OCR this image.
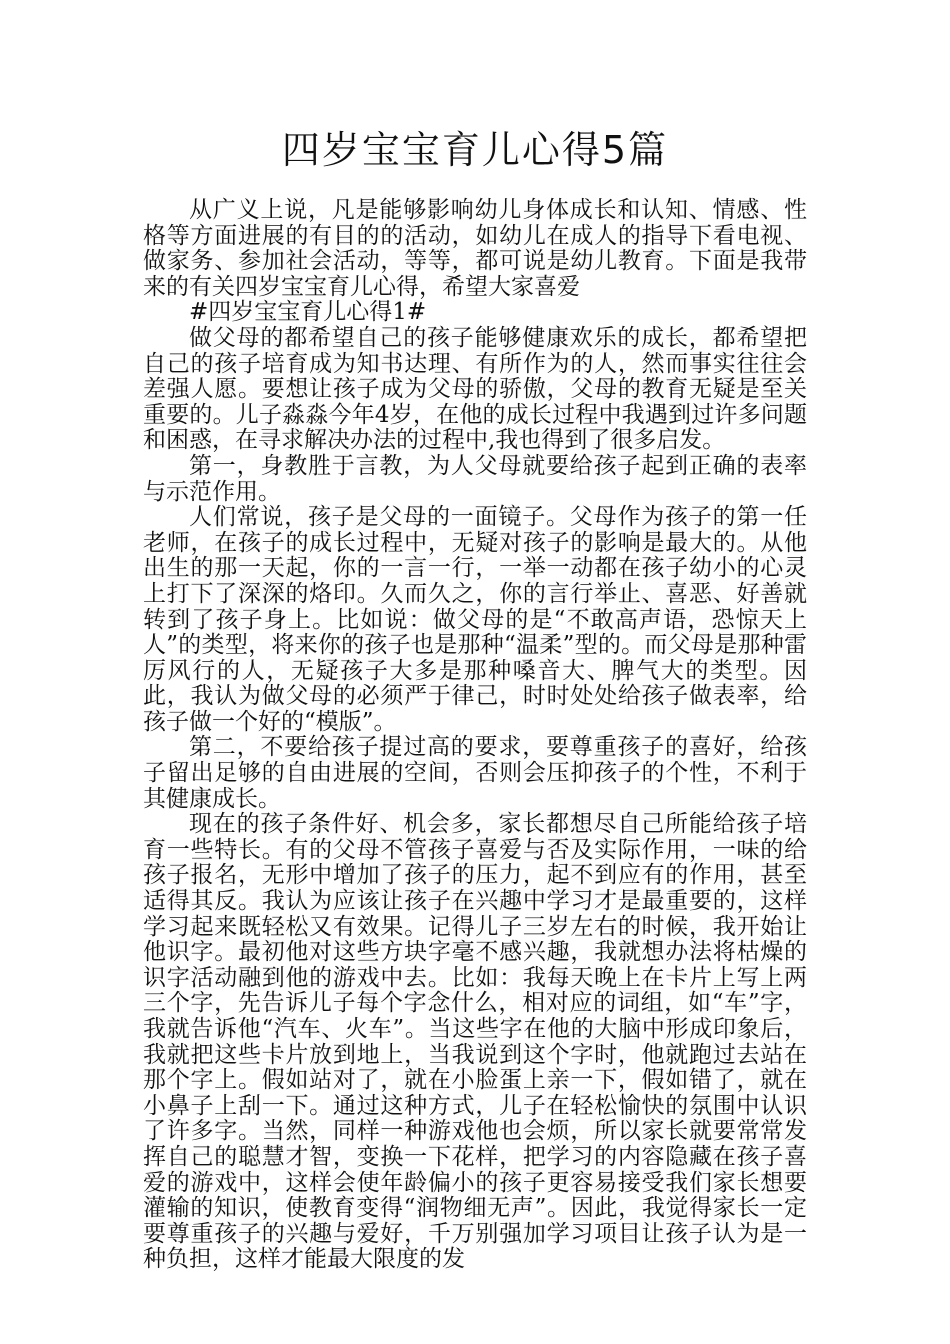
四岁宝宝育儿心得5篇

从广义上说，凡是能够影响幼儿身体成长和认知、情感、性格等方面进展的有目的的活动，如幼儿在成人的指导下看电视、做家务、参加社会活动，等等，都可说是幼儿教育。下面是我带来的有关四岁宝宝育儿心得，希望大家喜爱

#四岁宝宝育儿心得1#

做父母的都希望自己的孩子能够健康欢乐的成长，都希望把自己的孩子培育成为知书达理、有所作为的人，然而事实往往会差强人愿。要想让孩子成为父母的骄傲，父母的教育无疑是至关重要的。儿子淼淼今年4岁，在他的成长过程中我遇到过许多问题和困惑，在寻求解决办法的过程中,我也得到了很多启发。

第一，身教胜于言教，为人父母就要给孩子起到正确的表率与示范作用。

人们常说，孩子是父母的一面镜子。父母作为孩子的第一任老师，在孩子的成长过程中，无疑对孩子的影响是最大的。从他出生的那一天起，你的一言一行，一举一动都在孩子幼小的心灵上打下了深深的烙印。久而久之，你的言行举止、喜恶、好善就转到了孩子身上。比如说：做父母的是“不敢高声语，恐惊天上人”的类型，将来你的孩子也是那种“温柔”型的。而父母是那种雷厉风行的人，无疑孩子大多是那种嗓音大、脾气大的类型。因此，我认为做父母的必须严于律己，时时处处给孩子做表率，给孩子做一个好的“模版”。

第二，不要给孩子提过高的要求，要尊重孩子的喜好，给孩子留出足够的自由进展的空间，否则会压抑孩子的个性，不利于其健康成长。

现在的孩子条件好、机会多，家长都想尽自己所能给孩子培育一些特长。有的父母不管孩子喜爱与否及实际作用，一味的给孩子报名，无形中增加了孩子的压力，起不到应有的作用，甚至适得其反。我认为应该让孩子在兴趣中学习才是最重要的，这样学习起来既轻松又有效果。记得儿子三岁左右的时候，我开始让他识字。最初他对这些方块字毫不感兴趣，我就想办法将枯燥的识字活动融到他的游戏中去。比如：我每天晚上在卡片上写上两三个字，先告诉儿子每个字念什么，相对应的词组，如“车”字，我就告诉他“汽车、火车”。当这些字在他的大脑中形成印象后，我就把这些卡片放到地上，当我说到这个字时，他就跑过去站在那个字上。假如站对了，就在小脸蛋上亲一下，假如错了，就在小鼻子上刮一下。通过这种方式，儿子在轻松愉快的氛围中认识了许多字。当然，同样一种游戏他也会烦，所以家长就要常常发挥自己的聪慧才智，变换一下花样，把学习的内容隐藏在孩子喜爱的游戏中，这样会使年龄偏小的孩子更容易接受我们家长想要灌输的知识，使教育变得“润物细无声”。因此，我觉得家长一定要尊重孩子的兴趣与爱好，千万别强加学习项目让孩子认为是一种负担，这样才能最大限度的发
